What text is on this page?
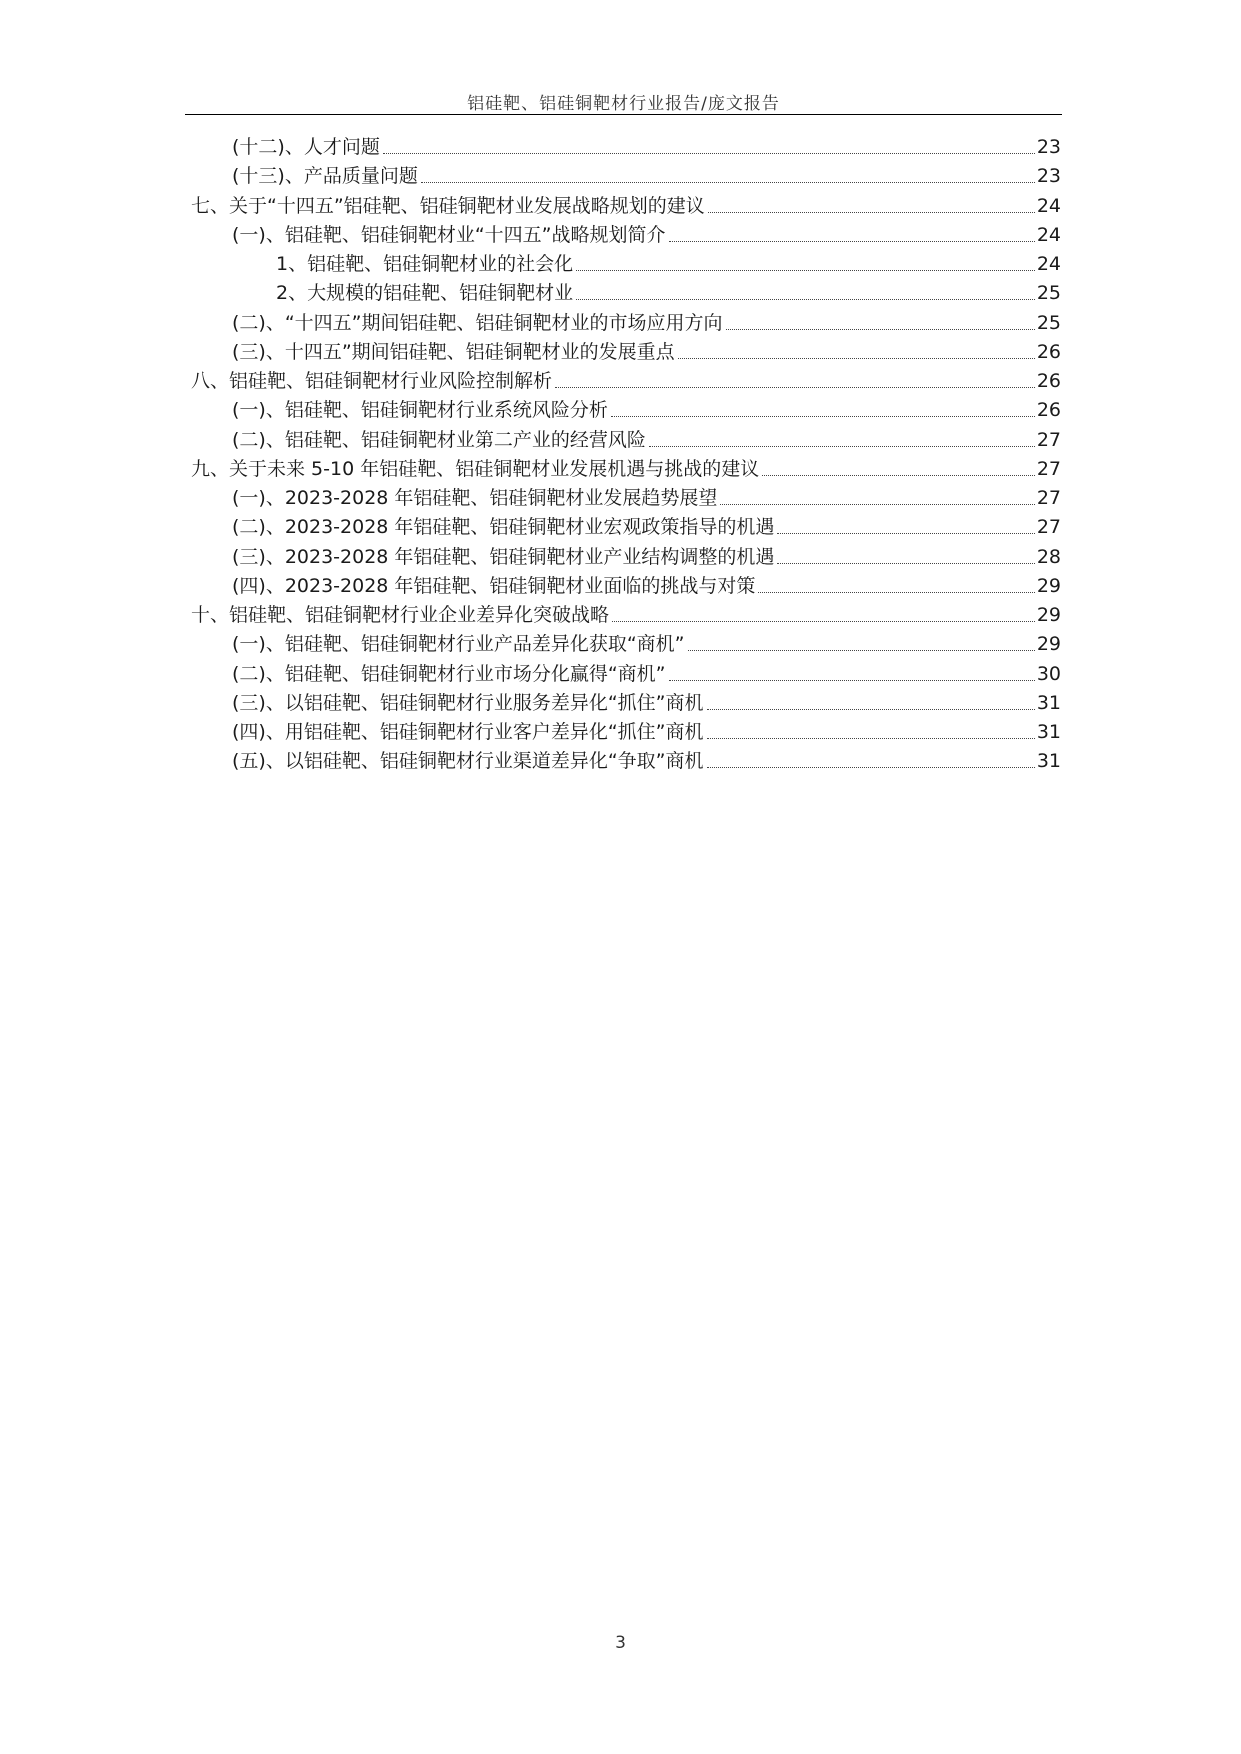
铝硅靶、铝硅铜靶材行业报告/庞文报告
(十二)、人才问题	23
(十三)、产品质量问题	23
七、关于“十四五”铝硅靶、铝硅铜靶材业发展战略规划的建议	24
(一)、铝硅靶、铝硅铜靶材业“十四五”战略规划简介	24
1、铝硅靶、铝硅铜靶材业的社会化	24
2、大规模的铝硅靶、铝硅铜靶材业	25
(二)、“十四五”期间铝硅靶、铝硅铜靶材业的市场应用方向	25
(三)、十四五”期间铝硅靶、铝硅铜靶材业的发展重点	26
八、铝硅靶、铝硅铜靶材行业风险控制解析	26
(一)、铝硅靶、铝硅铜靶材行业系统风险分析	26
(二)、铝硅靶、铝硅铜靶材业第二产业的经营风险	27
九、关于未来 5-10 年铝硅靶、铝硅铜靶材业发展机遇与挑战的建议	27
(一)、2023-2028 年铝硅靶、铝硅铜靶材业发展趋势展望	27
(二)、2023-2028 年铝硅靶、铝硅铜靶材业宏观政策指导的机遇	27
(三)、2023-2028 年铝硅靶、铝硅铜靶材业产业结构调整的机遇	28
(四)、2023-2028 年铝硅靶、铝硅铜靶材业面临的挑战与对策	29
十、铝硅靶、铝硅铜靶材行业企业差异化突破战略	29
(一)、铝硅靶、铝硅铜靶材行业产品差异化获取“商机”	29
(二)、铝硅靶、铝硅铜靶材行业市场分化赢得“商机”	30
(三)、以铝硅靶、铝硅铜靶材行业服务差异化“抓住”商机	31
(四)、用铝硅靶、铝硅铜靶材行业客户差异化“抓住”商机	31
(五)、以铝硅靶、铝硅铜靶材行业渠道差异化“争取”商机	31
3
